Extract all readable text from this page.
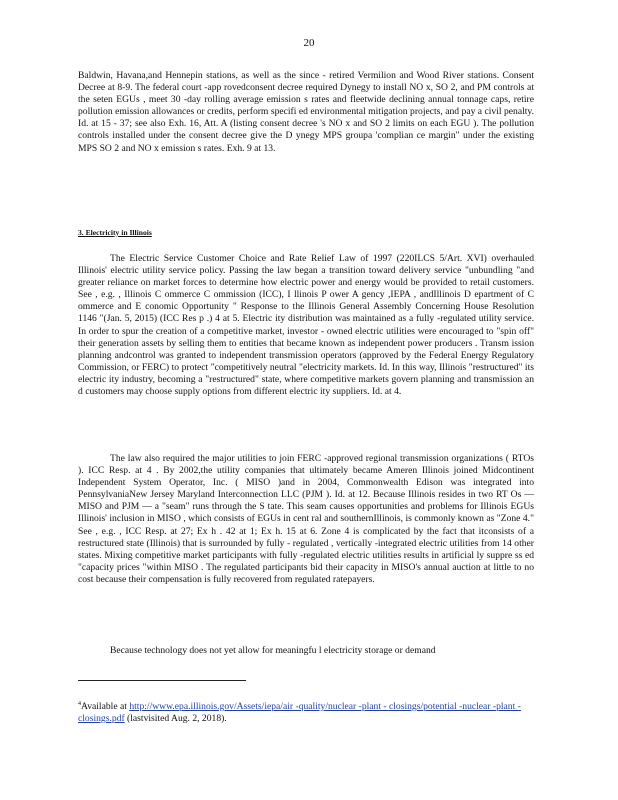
20
Baldwin, Havana,and Hennepin stations, as well as the since - retired Vermilion and Wood River stations. Consent Decree at 8-9. The federal court -app rovedconsent decree required Dynegy to install NO x, SO 2, and PM controls at the seten EGUs , meet 30 -day rolling average emission s rates and fleetwide declining annual tonnage caps, retire pollution emission allowances or credits, perform specifi ed environmental mitigation projects, and pay a civil penalty. Id. at 15 - 37; see also Exh. 16, Att. A (listing consent decree 's NO x and SO 2 limits on each EGU ). The pollution controls installed under the consent decree give the D ynegy MPS groupa 'complian ce margin" under the existing MPS SO 2 and NO x emission s rates. Exh. 9 at 13.
3. Electricity in Illinois
The Electric Service Customer Choice and Rate Relief Law of 1997 (220ILCS 5/Art. XVI) overhauled Illinois' electric utility service policy. Passing the law began a transition toward delivery service "unbundling "and greater reliance on market forces to determine how electric power and energy would be provided to retail customers. See , e.g. , Illinois C ommerce C ommission (ICC), I llinois P ower A gency ,IEPA , andIllinois D epartment of C ommerce and E conomic Opportunity " Response to the Illinois General Assembly Concerning House Resolution 1146 "(Jan. 5, 2015) (ICC Res p .) 4 at 5. Electric ity distribution was maintained as a fully -regulated utility service. In order to spur the creation of a competitive market, investor - owned electric utilities were encouraged to "spin off" their generation assets by selling them to entities that became known as independent power producers . Transm ission planning andcontrol was granted to independent transmission operators (approved by the Federal Energy Regulatory Commission, or FERC) to protect "competitively neutral "electricity markets. Id. In this way, Illinois "restructured" its electric ity industry, becoming a "restructured" state, where competitive markets govern planning and transmission an d customers may choose supply options from different electric ity suppliers. Id. at 4.
The law also required the major utilities to join FERC -approved regional transmission organizations ( RTOs ). ICC Resp. at 4 . By 2002,the utility companies that ultimately became Ameren Illinois joined Midcontinent Independent System Operator, Inc. ( MISO )and in 2004, Commonwealth Edison was integrated into PennsylvaniaNew Jersey Maryland Interconnection LLC (PJM ). Id. at 12. Because Illinois resides in two RT Os — MISO and PJM — a "seam" runs through the S tate. This seam causes opportunities and problems for Illinois EGUs Illinois' inclusion in MISO , which consists of EGUs in cent ral and southernIllinois, is commonly known as "Zone 4." See , e.g. , ICC Resp. at 27; Ex h . 42 at 1; Ex h. 15 at 6. Zone 4 is complicated by the fact that itconsists of a restructured state (Illinois) that is surrounded by fully - regulated , vertically -integrated electric utilities from 14 other states. Mixing competitive market participants with fully -regulated electric utilities results in artificial ly suppre ss ed "capacity prices "within MISO . The regulated participants bid their capacity in MISO's annual auction at little to no cost because their compensation is fully recovered from regulated ratepayers.
Because technology does not yet allow for meaningfu l electricity storage or demand
$^4$Available at http://www.epa.illinois.gov/Assets/iepa/air -quality/nuclear -plant - closings/potential -nuclear -plant -closings.pdf (lastvisited Aug. 2, 2018).
